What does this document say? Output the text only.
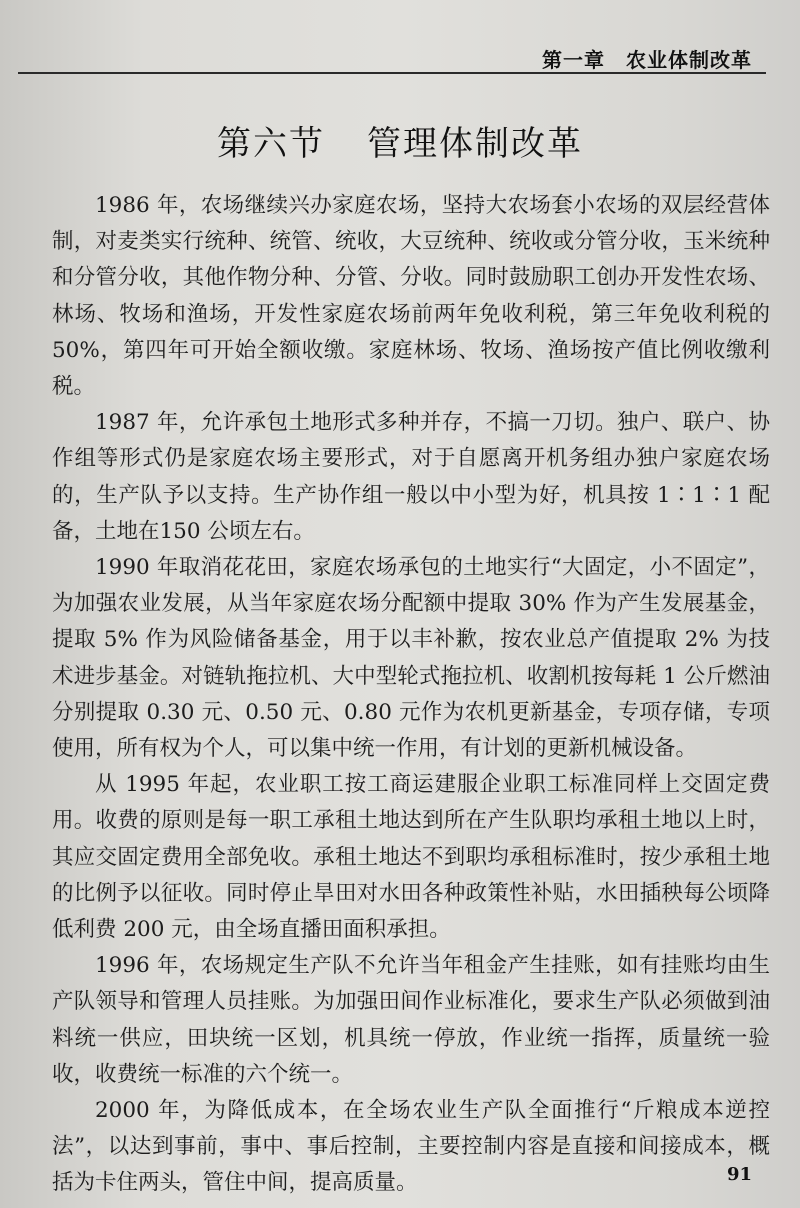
第一章　农业体制改革
第六节 管理体制改革

1986 年，农场继续兴办家庭农场，坚持大农场套小农场的双层经营体制，对麦类实行统种、统管、统收，大豆统种、统收或分管分收，玉米统种和分管分收，其他作物分种、分管、分收。同时鼓励职工创办开发性农场、林场、牧场和渔场，开发性家庭农场前两年免收利税，第三年免收利税的 50%，第四年可开始全额收缴。家庭林场、牧场、渔场按产值比例收缴利税。

1987 年，允许承包土地形式多种并存，不搞一刀切。独户、联户、协作组等形式仍是家庭农场主要形式，对于自愿离开机务组办独户家庭农场的，生产队予以支持。生产协作组一般以中小型为好，机具按 1∶1∶1 配备，土地在150 公顷左右。

1990 年取消花花田，家庭农场承包的土地实行“大固定，小不固定”，为加强农业发展，从当年家庭农场分配额中提取 30% 作为产生发展基金，提取 5% 作为风险储备基金，用于以丰补歉，按农业总产值提取 2% 为技术进步基金。对链轨拖拉机、大中型轮式拖拉机、收割机按每耗 1 公斤燃油分别提取 0.30 元、0.50 元、0.80 元作为农机更新基金，专项存储，专项使用，所有权为个人，可以集中统一作用，有计划的更新机械设备。

从 1995 年起，农业职工按工商运建服企业职工标准同样上交固定费用。收费的原则是每一职工承租土地达到所在产生队职均承租土地以上时，其应交固定费用全部免收。承租土地达不到职均承租标准时，按少承租土地的比例予以征收。同时停止旱田对水田各种政策性补贴，水田插秧每公顷降低利费 200 元，由全场直播田面积承担。

1996 年，农场规定生产队不允许当年租金产生挂账，如有挂账均由生产队领导和管理人员挂账。为加强田间作业标准化，要求生产队必须做到油料统一供应，田块统一区划，机具统一停放，作业统一指挥，质量统一验收，收费统一标准的六个统一。

2000 年，为降低成本，在全场农业生产队全面推行“斤粮成本逆控法”，以达到事前，事中、事后控制，主要控制内容是直接和间接成本，概括为卡住两头，管住中间，提高质量。	91
